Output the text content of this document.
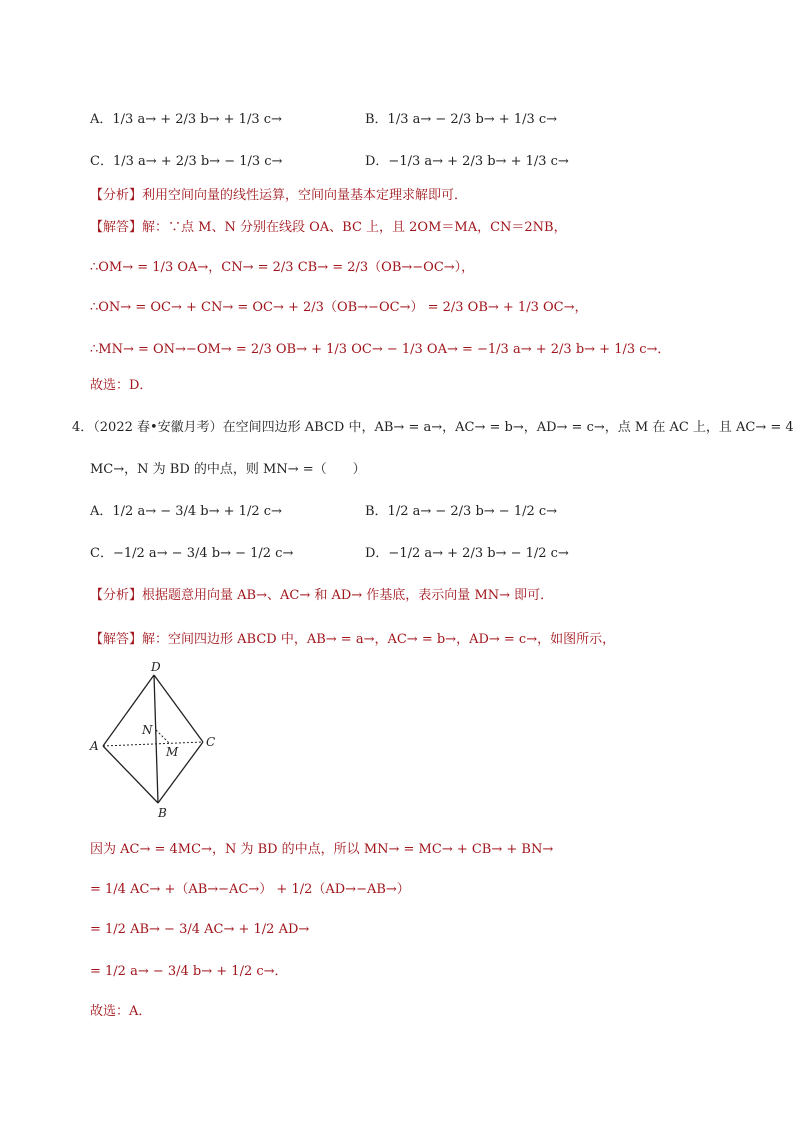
A．1/3 a→ + 2/3 b→ + 1/3 c→	B．1/3 a→ − 2/3 b→ + 1/3 c→
C．1/3 a→ + 2/3 b→ − 1/3 c→	D．−1/3 a→ + 2/3 b→ + 1/3 c→
【分析】利用空间向量的线性运算，空间向量基本定理求解即可．
【解答】解：∵点 M、N 分别在线段 OA、BC 上，且 2OM＝MA，CN＝2NB，
∴OM→ = 1/3 OA→，CN→ = 2/3 CB→ = 2/3（OB→−OC→），
∴ON→ = OC→ + CN→ = OC→ + 2/3（OB→−OC→） = 2/3 OB→ + 1/3 OC→，
∴MN→ = ON→−OM→ = 2/3 OB→ + 1/3 OC→ − 1/3 OA→ = −1/3 a→ + 2/3 b→ + 1/3 c→．
故选：D．
4．（2022 春•安徽月考）在空间四边形 ABCD 中，AB→ = a→，AC→ = b→，AD→ = c→，点 M 在 AC 上，且 AC→ = 4
MC→，N 为 BD 的中点，则 MN→ =（　　）
A．1/2 a→ − 3/4 b→ + 1/2 c→	B．1/2 a→ − 2/3 b→ − 1/2 c→
C．−1/2 a→ − 3/4 b→ − 1/2 c→	D．−1/2 a→ + 2/3 b→ − 1/2 c→
【分析】根据题意用向量 AB→、AC→ 和 AD→ 作基底，表示向量 MN→ 即可．
【解答】解：空间四边形 ABCD 中，AB→ = a→，AC→ = b→，AD→ = c→，如图所示，
D
A
N
M
C
B
因为 AC→ = 4MC→，N 为 BD 的中点，所以 MN→ = MC→ + CB→ + BN→
= 1/4 AC→ +（AB→−AC→） + 1/2（AD→−AB→）
= 1/2 AB→ − 3/4 AC→ + 1/2 AD→
= 1/2 a→ − 3/4 b→ + 1/2 c→．
故选：A．
